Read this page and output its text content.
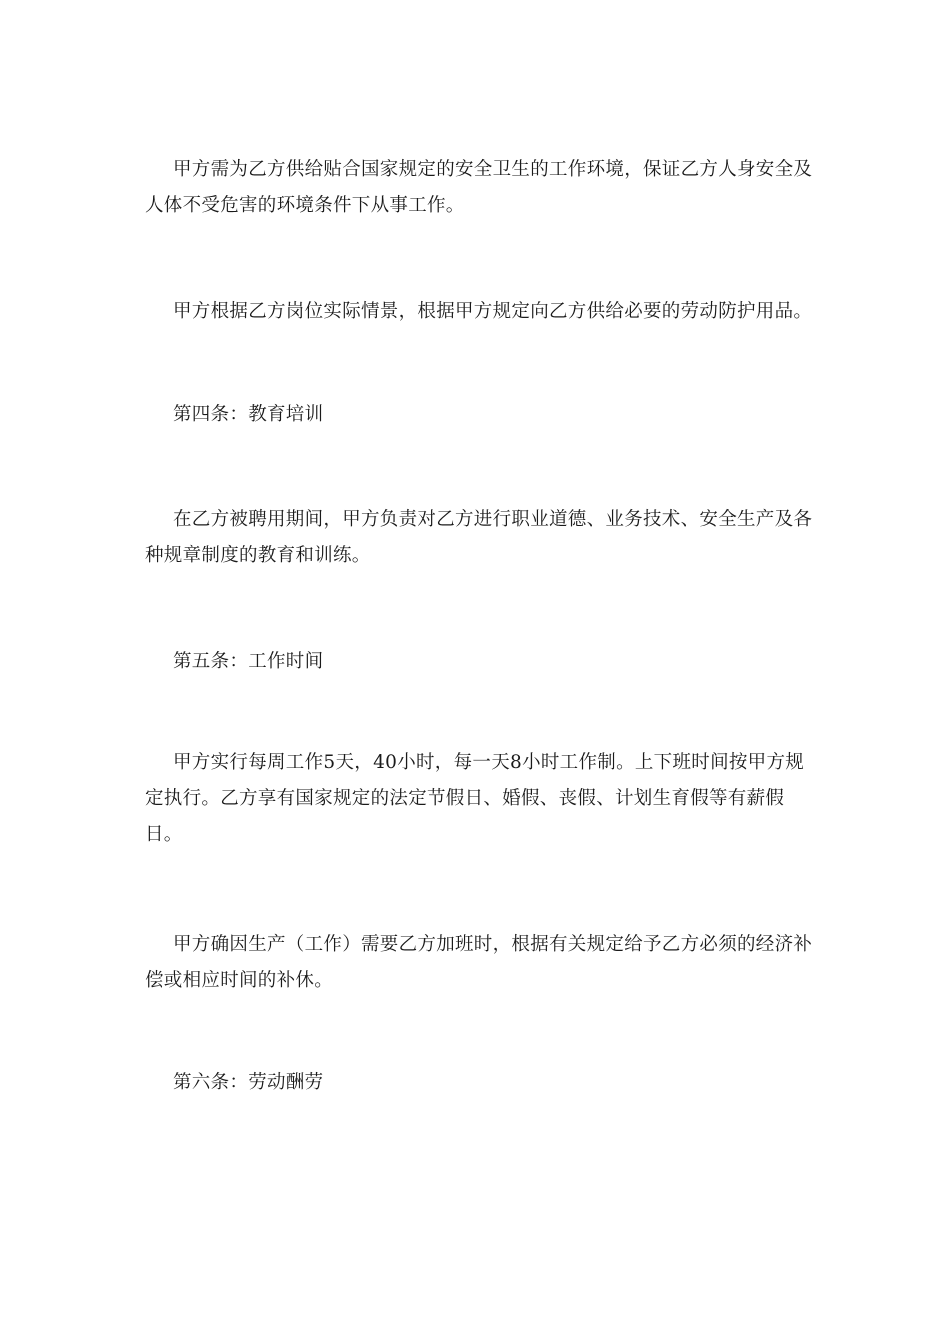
甲方需为乙方供给贴合国家规定的安全卫生的工作环境，保证乙方人身安全及人体不受危害的环境条件下从事工作。

甲方根据乙方岗位实际情景，根据甲方规定向乙方供给必要的劳动防护用品。

第四条：教育培训

在乙方被聘用期间，甲方负责对乙方进行职业道德、业务技术、安全生产及各种规章制度的教育和训练。

第五条：工作时间

甲方实行每周工作5天，40小时，每一天8小时工作制。上下班时间按甲方规定执行。乙方享有国家规定的法定节假日、婚假、丧假、计划生育假等有薪假日。

甲方确因生产（工作）需要乙方加班时，根据有关规定给予乙方必须的经济补偿或相应时间的补休。

第六条：劳动酬劳
